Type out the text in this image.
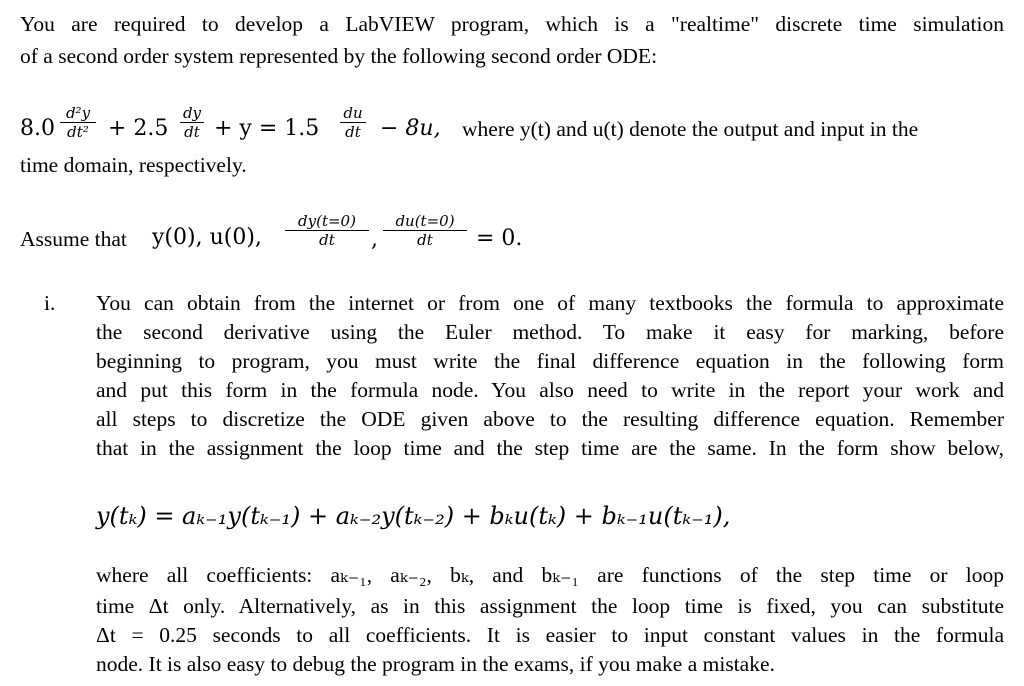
You are required to develop a LabVIEW program, which is a "realtime" discrete time simulation
of a second order system represented by the following second order ODE:
$8.0 \frac{\text{d²y}}{\text{dt²}} + 2.5 \frac{dy}{dt} + y = 1.5 \frac{du}{dt} - 8u$, where y(t) and u(t) denote the output and input in the
time domain, respectively.
Assume that y(0), u(0), $\frac{dy(t=0)}{dt}$ , $\frac{du(t=0)}{dt} = 0$.
i. You can obtain from the internet or from one of many textbooks the formula to approximate
the second derivative using the Euler method. To make it easy for marking, before
beginning to program, you must write the final difference equation in the following form
and put this form in the formula node. You also need to write in the report your work and
all steps to discretize the ODE given above to the resulting difference equation. Remember
that in the assignment the loop time and the step time are the same. In the form show below,
y(tₖ) = aₖ₋₁y(tₖ₋₁) + aₖ₋₂y(tₖ₋₂) + bₖu(tₖ) + bₖ₋₁u(tₖ₋₁),
where all coefficients: aₖ₋₁, aₖ₋₂, bₖ, and bₖ₋₁ are functions of the step time or loop
time Δt only. Alternatively, as in this assignment the loop time is fixed, you can substitute
Δt = 0.25 seconds to all coefficients. It is easier to input constant values in the formula
node. It is also easy to debug the program in the exams, if you make a mistake.
